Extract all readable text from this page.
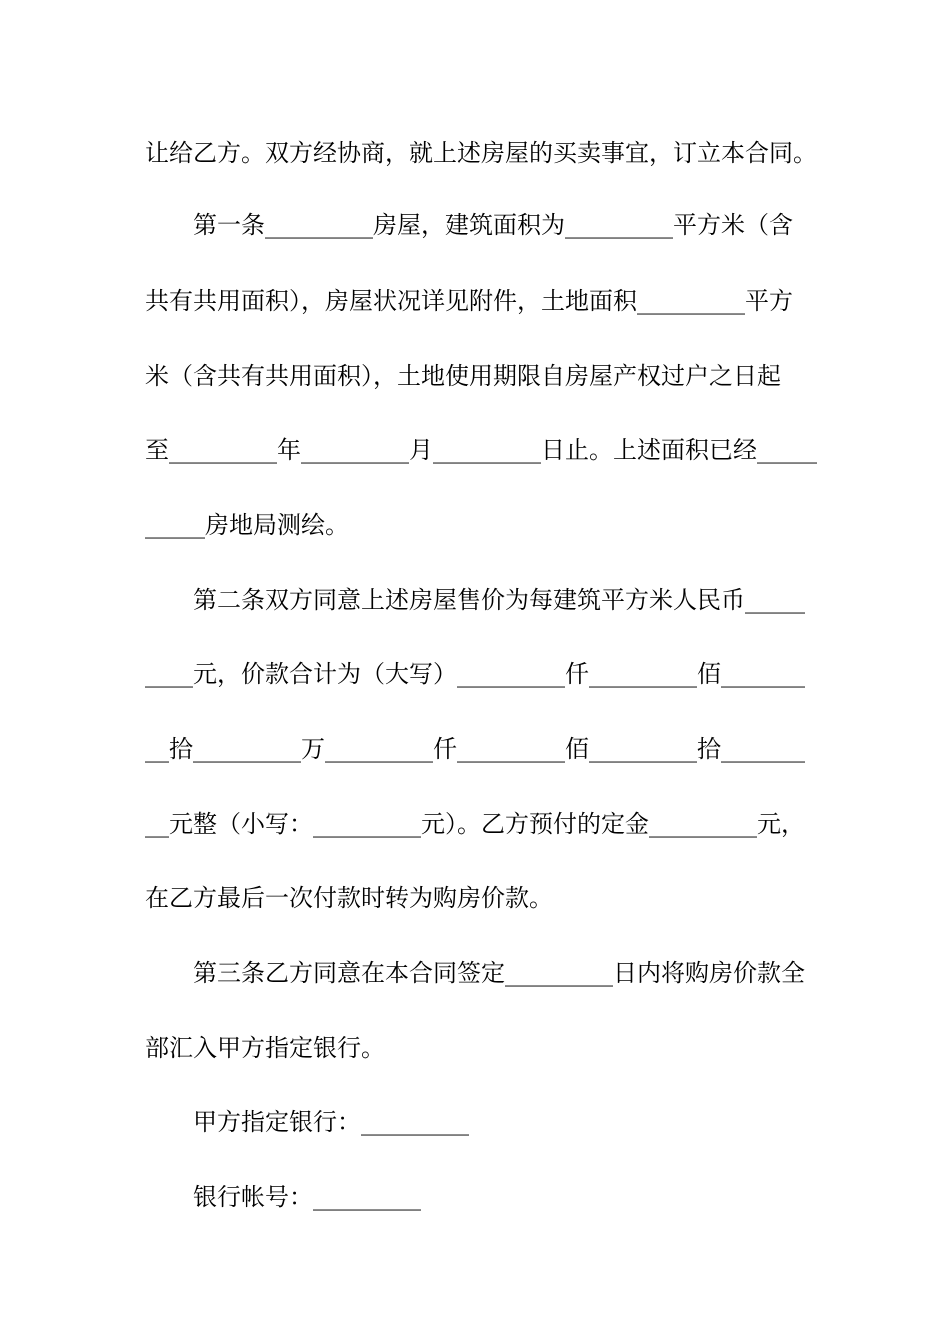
让给乙方。双方经协商，就上述房屋的买卖事宜，订立本合同。
第一条_________房屋，建筑面积为_________平方米（含
共有共用面积），房屋状况详见附件，土地面积_________平方
米（含共有共用面积），土地使用期限自房屋产权过户之日起
至_________年_________月_________日止。上述面积已经_____
_____房地局测绘。
第二条双方同意上述房屋售价为每建筑平方米人民币_____
____元，价款合计为（大写）_________仟_________佰_______
__拾_________万_________仟_________佰_________拾_______
__元整（小写：_________元）。乙方预付的定金_________元，
在乙方最后一次付款时转为购房价款。
第三条乙方同意在本合同签定_________日内将购房价款全
部汇入甲方指定银行。
甲方指定银行：_________
银行帐号：_________
